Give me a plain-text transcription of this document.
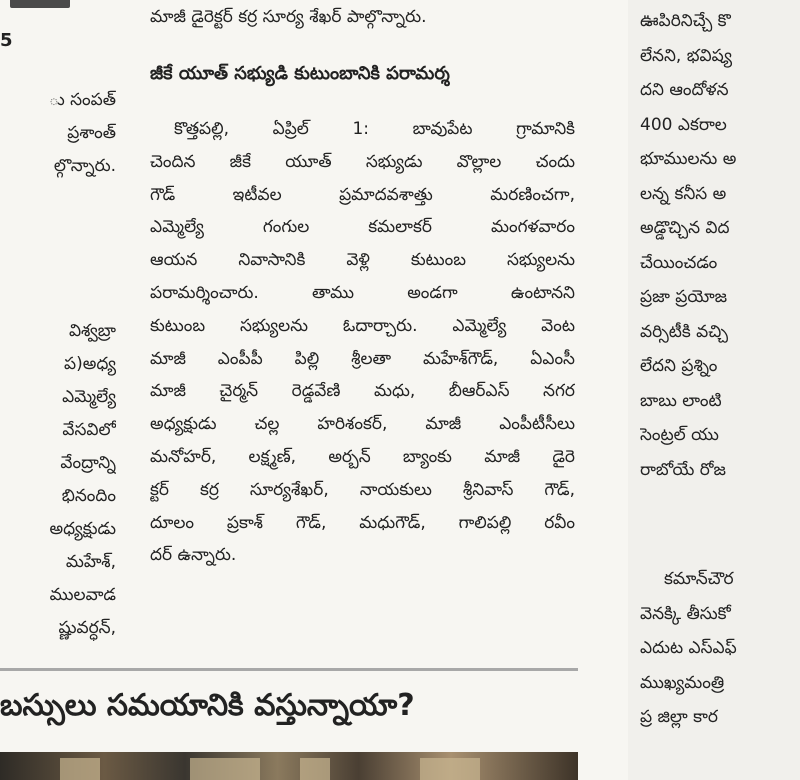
5
ు సంపత్
ప్రశాంత్
ల్గొన్నారు.
విశ్వబ్రా
ప)అధ్య
ఎమ్మెల్యే
వేసవిలో
వేంద్రాన్ని
భినందిం
అధ్యక్షుడు
మహేశ్,
ములవాడ
ష్ణువర్ధన్,
మాజీ డైరెక్టర్ కర్ర సూర్య శేఖర్ పాల్గొన్నారు.
జీకే యూత్ సభ్యుడి కుటుంబానికి పరామర్శ
కొత్తపల్లి, ఏప్రిల్ 1: బావుపేట గ్రామానికి
చెందిన జీకే యూత్ సభ్యుడు వొల్లాల చందు
గౌడ్ ఇటీవల ప్రమాదవశాత్తు మరణించగా,
ఎమ్మెల్యే గంగుల కమలాకర్ మంగళవారం
ఆయన నివాసానికి వెళ్లి కుటుంబ సభ్యులను
పరామర్శించారు. తాము అండగా ఉంటానని
కుటుంబ సభ్యులను ఓదార్చారు. ఎమ్మెల్యే వెంట
మాజీ ఎంపీపీ పిల్లి శ్రీలతా మహేశ్‌గౌడ్, ఏఎంసీ
మాజీ చైర్మన్ రెడ్డవేణి మధు, బీఆర్ఎస్ నగర
అధ్యక్షుడు చల్ల హరిశంకర్, మాజీ ఎంపీటీసీలు
మనోహర్, లక్ష్మణ్, అర్బన్ బ్యాంకు మాజీ డైరె
క్టర్ కర్ర సూర్యశేఖర్, నాయకులు శ్రీనివాస్ గౌడ్,
దూలం ప్రకాశ్ గౌడ్, మధుగౌడ్, గాలిపల్లి రవీం
దర్ ఉన్నారు.
ఊపిరినిచ్చే కొ
లేనని, భవిష్య
దని ఆందోళన
400 ఎకరాల
భూములను అ
లన్న కనీస అ
అడ్డొచ్చిన విద
చేయించడం
ప్రజా ప్రయోజ
వర్సిటీకి వచ్చి
లేదని ప్రశ్నిం
బాబు లాంటి
సెంట్రల్ యు
రాబోయే రోజ
కమాన్‌చౌర
వెనక్కి తీసుకో
ఎదుట ఎస్ఎఫ్
ముఖ్యమంత్రి
ప్ర జిల్లా కార
బస్సులు సమయానికి వస్తున్నాయా?
